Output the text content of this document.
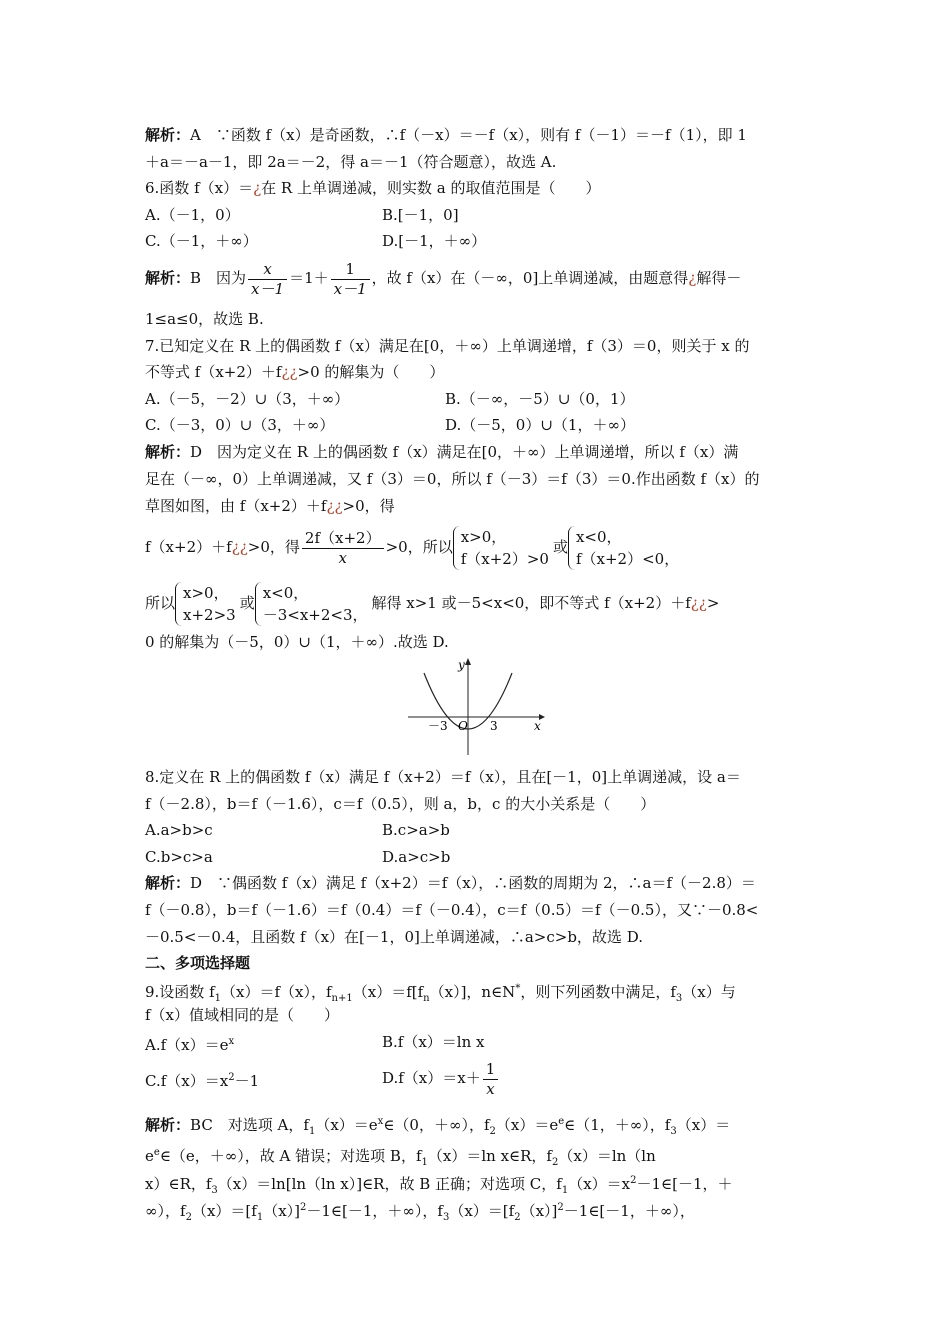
解析：A　∵函数 f（x）是奇函数，∴f（－x）＝－f（x），则有 f（－1）＝－f（1），即 1
＋a＝－a－1，即 2a＝－2，得 a＝－1（符合题意），故选 A.
6.函数 f（x）＝¿在 R 上单调递减，则实数 a 的取值范围是（　　）
A.（－1，0）	B.[－1，0]
C.（－1，＋∞）	D.[－1，＋∞）
解析：B　因为 $\frac{x}{x-1} =1+ \frac{1}{x-1}$ ，故 f（x）在（－∞，0]上单调递减，由题意得¿解得－
1≤a≤0，故选 B.
7.已知定义在 R 上的偶函数 f（x）满足在[0，＋∞）上单调递增，f（3）＝0，则关于 x 的
不等式 f（x+2）＋f¿¿>0 的解集为（　　）
A.（－5，－2）∪（3，＋∞）	B.（－∞，－5）∪（0，1）
C.（－3，0）∪（3，＋∞）	D.（－5，0）∪（1，＋∞）
解析：D　因为定义在 R 上的偶函数 f（x）满足在[0，＋∞）上单调递增，所以 f（x）满
足在（－∞，0）上单调递减，又 f（3）＝0，所以 f（－3）＝f（3）＝0.作出函数 f（x）的
草图如图，由 f（x+2）＋f¿¿>0，得
f（x+2）＋f¿¿>0，得 $\frac{2f(x+2)}{x} >0$，所以
x>0，
f（x+2）>0
或
x<0，
f（x+2）<0，
所以
x>0，
x+2>3
或
x<0，
－3<x+2<3，
解得 x>1 或－5<x<0，即不等式 f（x+2）＋f¿¿>
0 的解集为（－5，0）∪（1，＋∞）.故选 D.
y
x
O
－3	3
8.定义在 R 上的偶函数 f（x）满足 f（x+2）＝f（x），且在[－1，0]上单调递减，设 a＝
f（－2.8），b＝f（－1.6），c＝f（0.5），则 a，b，c 的大小关系是（　　）
A.a>b>c	B.c>a>b
C.b>c>a	D.a>c>b
解析：D　∵偶函数 f（x）满足 f（x+2）＝f（x），∴函数的周期为 2，∴a＝f（－2.8）＝
f（－0.8），b＝f（－1.6）＝f（0.4）＝f（－0.4），c＝f（0.5）＝f（－0.5），又∵－0.8<
－0.5<－0.4，且函数 f（x）在[－1，0]上单调递减，∴a>c>b，故选 D.
二、多项选择题
9.设函数 $f_1(x)=f(x)$，$f_{n+1}(x)=f[f_n(x)]$，n∈N*，则下列函数中满足，$f_3(x)$与
f（x）值域相同的是（　　）
$A.f(x)=e^x$	B.f（x）＝ln x
$C.f(x)=x^2-1$	$D.f(x)=x+ \frac{1}{x}$
解析：BC　对选项 A，$f_1(x)=e^x\in(0$，＋∞），$f_2(x)=e^e\in(1$，＋∞），$f_3(x)=$
$e^e\in(e$，＋∞），故 A 错误；对选项 B，$f_1(x)=\ln$ x∈R，$f_2(x)=\ln(\ln$
x）∈R，$f_3(x)=\ln[\ln(\ln$ x）]∈R，故 B 正确；对选项 C，$f_1(x)=x^2-1\in[-1$，＋
∞），$f_2(x)=[f_1(x)]^2-1\in[-1$，＋∞），$f_3(x)=[f_2(x)]^2-1\in[-1$，＋∞），
